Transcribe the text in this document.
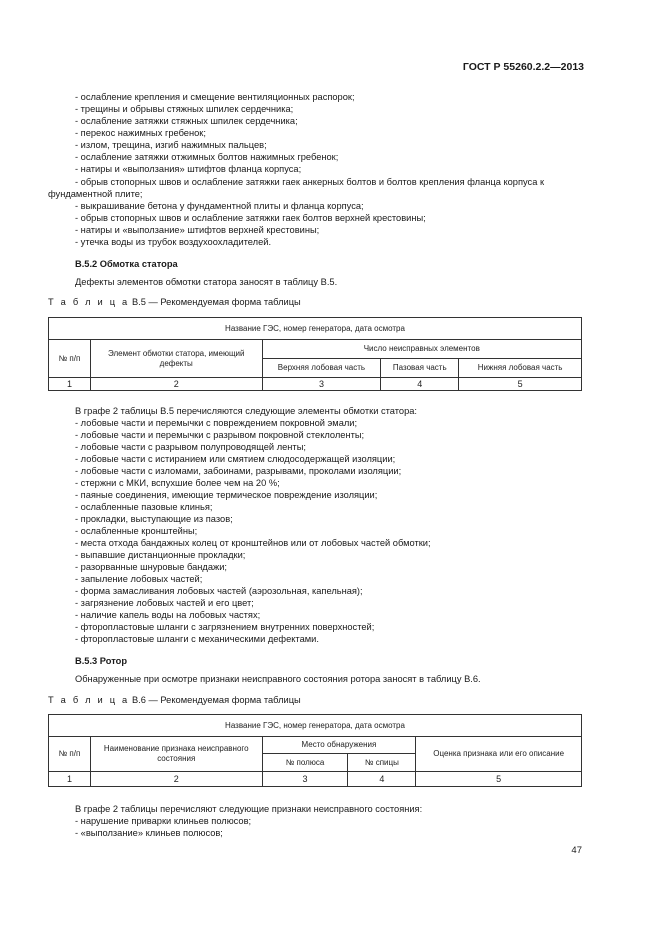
ГОСТ Р 55260.2.2—2013
- ослабление крепления и смещение вентиляционных распорок;
- трещины и обрывы стяжных шпилек сердечника;
- ослабление затяжки стяжных шпилек сердечника;
- перекос нажимных гребенок;
- излом, трещина, изгиб нажимных пальцев;
- ослабление затяжки отжимных болтов нажимных гребенок;
- натиры и «выползания» штифтов фланца корпуса;
- обрыв стопорных швов и ослабление затяжки гаек анкерных болтов и болтов крепления фланца корпуса к
фундаментной плите;
- выкрашивание бетона у фундаментной плиты и фланца корпуса;
- обрыв стопорных швов и ослабление затяжки гаек болтов верхней крестовины;
- натиры и «выползание» штифтов верхней крестовины;
- утечка воды из трубок воздухоохладителей.
В.5.2 Обмотка статора
Дефекты элементов обмотки статора заносят в таблицу В.5.
Т а б л и ц а В.5 — Рекомендуемая форма таблицы
Название ГЭС, номер генератора, дата осмотра				
№ п/п	Элемент обмотки статора, имеющий дефекты	Число неисправных элементов		
		Верхняя лобовая часть	Пазовая часть	Нижняя лобовая часть
1	2	3	4	5
В графе 2 таблицы В.5 перечисляются следующие элементы обмотки статора:
- лобовые части и перемычки с повреждением покровной эмали;
- лобовые части и перемычки с разрывом покровной стеклоленты;
- лобовые части с разрывом полупроводящей ленты;
- лобовые части с истиранием или смятием слюдосодержащей изоляции;
- лобовые части с изломами, забоинами, разрывами, проколами изоляции;
- стержни с МКИ, вспухшие более чем на 20 %;
- паяные соединения, имеющие термическое повреждение изоляции;
- ослабленные пазовые клинья;
- прокладки, выступающие из пазов;
- ослабленные кронштейны;
- места отхода бандажных колец от кронштейнов или от лобовых частей обмотки;
- выпавшие дистанционные прокладки;
- разорванные шнуровые бандажи;
- запыление лобовых частей;
- форма замасливания лобовых частей (аэрозольная, капельная);
- загрязнение лобовых частей и его цвет;
- наличие капель воды на лобовых частях;
- фторопластовые шланги с загрязнением внутренних поверхностей;
- фторопластовые шланги с механическими дефектами.
В.5.3 Ротор
Обнаруженные при осмотре признаки неисправного состояния ротора заносят в таблицу В.6.
Т а б л и ц а В.6 — Рекомендуемая форма таблицы
Название ГЭС, номер генератора, дата осмотра				
№ п/п	Наименование признака неисправного состояния	Место обнаружения		Оценка признака или его описание
		№ полюса	№ спицы	
1	2	3	4	5
В графе 2 таблицы перечисляют следующие признаки неисправного состояния:
- нарушение приварки клиньев полюсов;
- «выползание» клиньев полюсов;
47
